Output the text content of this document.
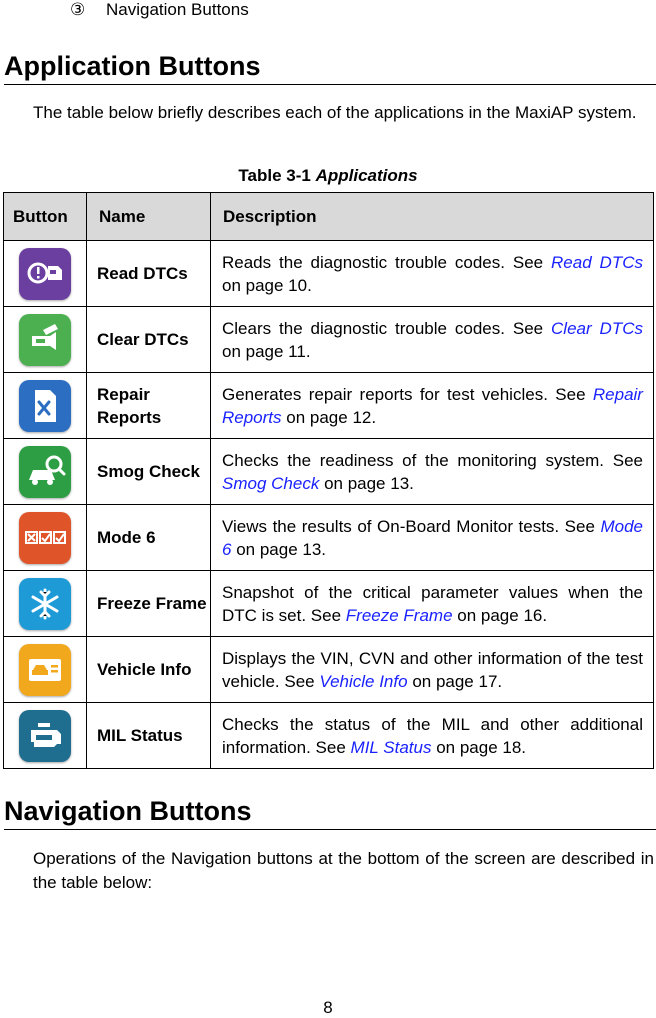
③ Navigation Buttons
Application Buttons

The table below briefly describes each of the applications in the MaxiAP system.

Table 3-1 Applications
Button	Name	Description

	Read DTCs	Reads the diagnostic trouble codes. See Read DTCs on page 10.

	Clear DTCs	Clears the diagnostic trouble codes. See Clear DTCs on page 11.

	Repair Reports	Generates repair reports for test vehicles. See Repair Reports on page 12.

	Smog Check	Checks the readiness of the monitoring system. See Smog Check on page 13.

	Mode 6	Views the results of On-Board Monitor tests. See Mode 6 on page 13.

	Freeze Frame	Snapshot of the critical parameter values when the DTC is set. See Freeze Frame on page 16.

	Vehicle Info	Displays the VIN, CVN and other information of the test vehicle. See Vehicle Info on page 17.

	MIL Status	Checks the status of the MIL and other additional information. See MIL Status on page 18.
Navigation Buttons

Operations of the Navigation buttons at the bottom of the screen are described in the table below:

8
